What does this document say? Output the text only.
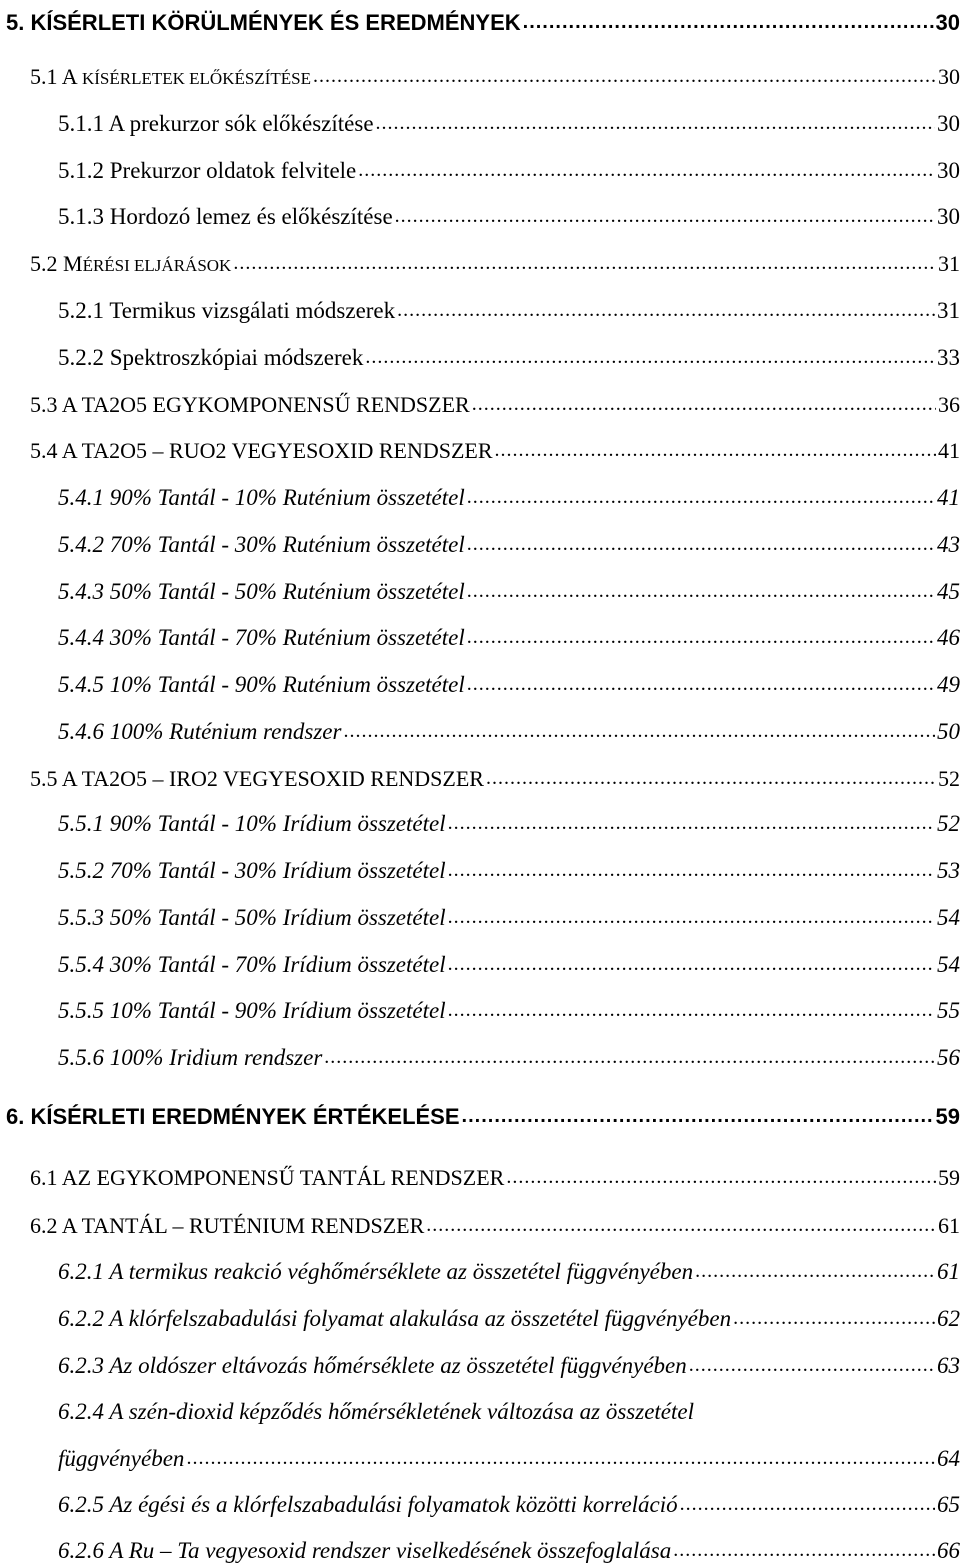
5. KÍSÉRLETI KÖRÜLMÉNYEK ÉS EREDMÉNYEK .....	30
5.1 A KÍSÉRLETEK ELŐKÉSZÍTÉSE .....	30
5.1.1 A prekurzor sók előkészítése .....	30
5.1.2 Prekurzor oldatok felvitele .....	30
5.1.3 Hordozó lemez és előkészítése .....	30
5.2 MÉRÉSI ELJÁRÁSOK .....	31
5.2.1 Termikus vizsgálati módszerek .....	31
5.2.2 Spektroszkópiai módszerek .....	33
5.3 A TA2O5 EGYKOMPONENSŰ RENDSZER .....	36
5.4 A TA2O5 – RUO2 VEGYESOXID RENDSZER .....	41
5.4.1 90% Tantál - 10% Ruténium összetétel .....	41
5.4.2 70% Tantál - 30% Ruténium összetétel .....	43
5.4.3 50% Tantál - 50% Ruténium összetétel .....	45
5.4.4 30% Tantál - 70% Ruténium összetétel .....	46
5.4.5 10% Tantál - 90% Ruténium összetétel .....	49
5.4.6 100% Ruténium rendszer .....	50
5.5 A TA2O5 – IRO2 VEGYESOXID RENDSZER .....	52
5.5.1 90% Tantál - 10% Irídium összetétel .....	52
5.5.2 70% Tantál - 30% Irídium összetétel .....	53
5.5.3 50% Tantál - 50% Irídium összetétel .....	54
5.5.4 30% Tantál - 70% Irídium összetétel .....	54
5.5.5 10% Tantál - 90% Irídium összetétel .....	55
5.5.6 100% Iridium rendszer .....	56
6. KÍSÉRLETI EREDMÉNYEK ÉRTÉKELÉSE .....	59
6.1 AZ EGYKOMPONENSŰ TANTÁL RENDSZER .....	59
6.2 A TANTÁL – RUTÉNIUM RENDSZER .....	61
6.2.1 A termikus reakció véghőmérséklete az összetétel függvényében .....	61
6.2.2 A klórfelszabadulási folyamat alakulása az összetétel függvényében .....	62
6.2.3 Az oldószer eltávozás hőmérséklete az összetétel függvényében .....	63
6.2.4 A szén-dioxid képződés hőmérsékletének változása az összetétel
függvényében .....	64
6.2.5 Az égési és a klórfelszabadulási folyamatok közötti korreláció .....	65
6.2.6 A Ru – Ta vegyesoxid rendszer viselkedésének összefoglalása .....	66
